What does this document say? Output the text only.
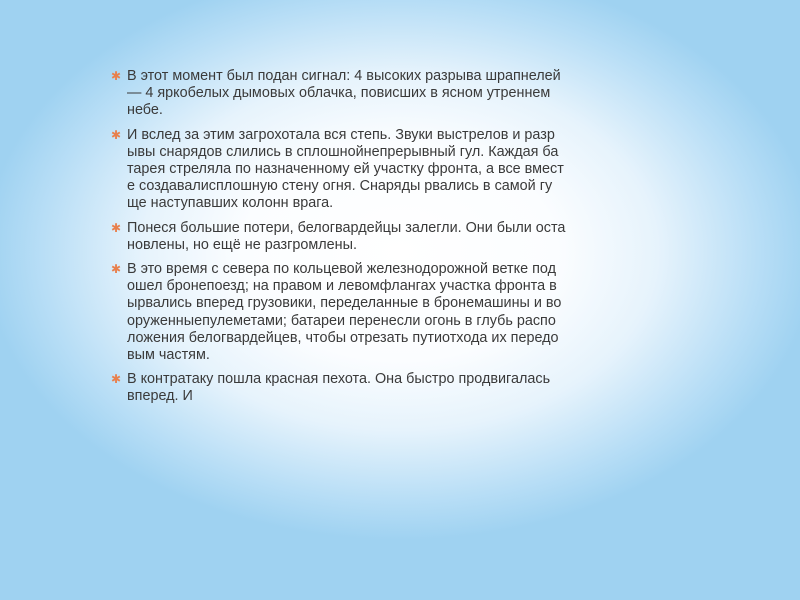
✱ В этот момент был подан сигнал: 4 высоких разрыва шрапнелей
— 4 яркобелых дымовых облачка, повисших в ясном утреннем
небе.
✱ И вслед за этим загрохотала вся степь. Звуки выстрелов и разр
ывы снарядов слились в сплошнойнепрерывный гул. Каждая ба
тарея стреляла по назначенному ей участку фронта, а все вмест
е создавалисплошную стену огня. Снаряды рвались в самой гу
ще наступавших колонн врага.
✱ Понеся большие потери, белогвардейцы залегли. Они были оста
новлены, но ещё не разгромлены.
✱ В это время с севера по кольцевой железнодорожной ветке под
ошел бронепоезд; на правом и левомфлангах участка фронта в
ырвались вперед грузовики, переделанные в бронемашины и во
оруженныепулеметами; батареи перенесли огонь в глубь распо
ложения белогвардейцев, чтобы отрезать путиотхода их передо
вым частям.
✱ В контратаку пошла красная пехота. Она быстро продвигалась
вперед. И
